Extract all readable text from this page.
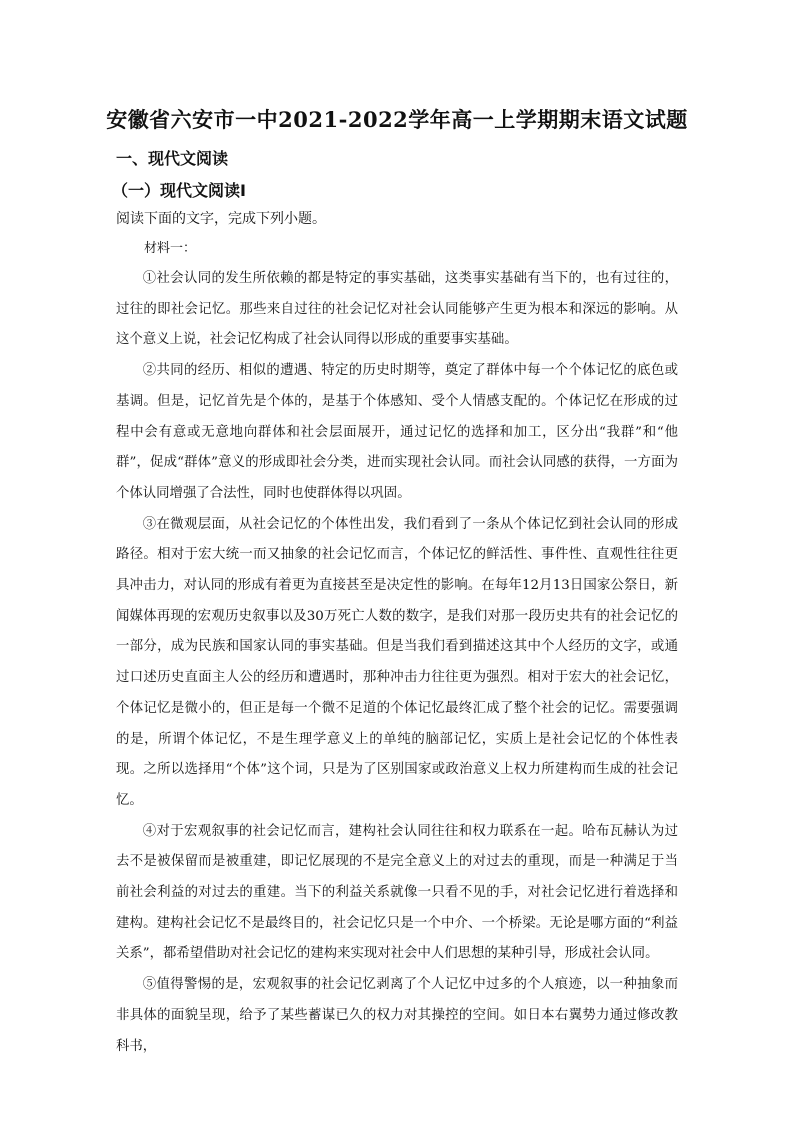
安徽省六安市一中2021-2022学年高一上学期期末语文试题
一、现代文阅读
（一）现代文阅读Ⅰ
阅读下面的文字，完成下列小题。
材料一：

①社会认同的发生所依赖的都是特定的事实基础，这类事实基础有当下的，也有过往的，过往的即社会记忆。那些来自过往的社会记忆对社会认同能够产生更为根本和深远的影响。从这个意义上说，社会记忆构成了社会认同得以形成的重要事实基础。

②共同的经历、相似的遭遇、特定的历史时期等，奠定了群体中每一个个体记忆的底色或基调。但是，记忆首先是个体的，是基于个体感知、受个人情感支配的。个体记忆在形成的过程中会有意或无意地向群体和社会层面展开，通过记忆的选择和加工，区分出“我群”和“他群”，促成“群体”意义的形成即社会分类，进而实现社会认同。而社会认同感的获得，一方面为个体认同增强了合法性，同时也使群体得以巩固。

③在微观层面，从社会记忆的个体性出发，我们看到了一条从个体记忆到社会认同的形成路径。相对于宏大统一而又抽象的社会记忆而言，个体记忆的鲜活性、事件性、直观性往往更具冲击力，对认同的形成有着更为直接甚至是决定性的影响。在每年12月13日国家公祭日，新闻媒体再现的宏观历史叙事以及30万死亡人数的数字，是我们对那一段历史共有的社会记忆的一部分，成为民族和国家认同的事实基础。但是当我们看到描述这其中个人经历的文字，或通过口述历史直面主人公的经历和遭遇时，那种冲击力往往更为强烈。相对于宏大的社会记忆，个体记忆是微小的，但正是每一个微不足道的个体记忆最终汇成了整个社会的记忆。需要强调的是，所谓个体记忆，不是生理学意义上的单纯的脑部记忆，实质上是社会记忆的个体性表现。之所以选择用“个体”这个词，只是为了区别国家或政治意义上权力所建构而生成的社会记忆。

④对于宏观叙事的社会记忆而言，建构社会认同往往和权力联系在一起。哈布瓦赫认为过去不是被保留而是被重建，即记忆展现的不是完全意义上的对过去的重现，而是一种满足于当前社会利益的对过去的重建。当下的利益关系就像一只看不见的手，对社会记忆进行着选择和建构。建构社会记忆不是最终目的，社会记忆只是一个中介、一个桥梁。无论是哪方面的“利益关系”，都希望借助对社会记忆的建构来实现对社会中人们思想的某种引导，形成社会认同。

⑤值得警惕的是，宏观叙事的社会记忆剥离了个人记忆中过多的个人痕迹，以一种抽象而非具体的面貌呈现，给予了某些蓄谋已久的权力对其操控的空间。如日本右翼势力通过修改教科书，
